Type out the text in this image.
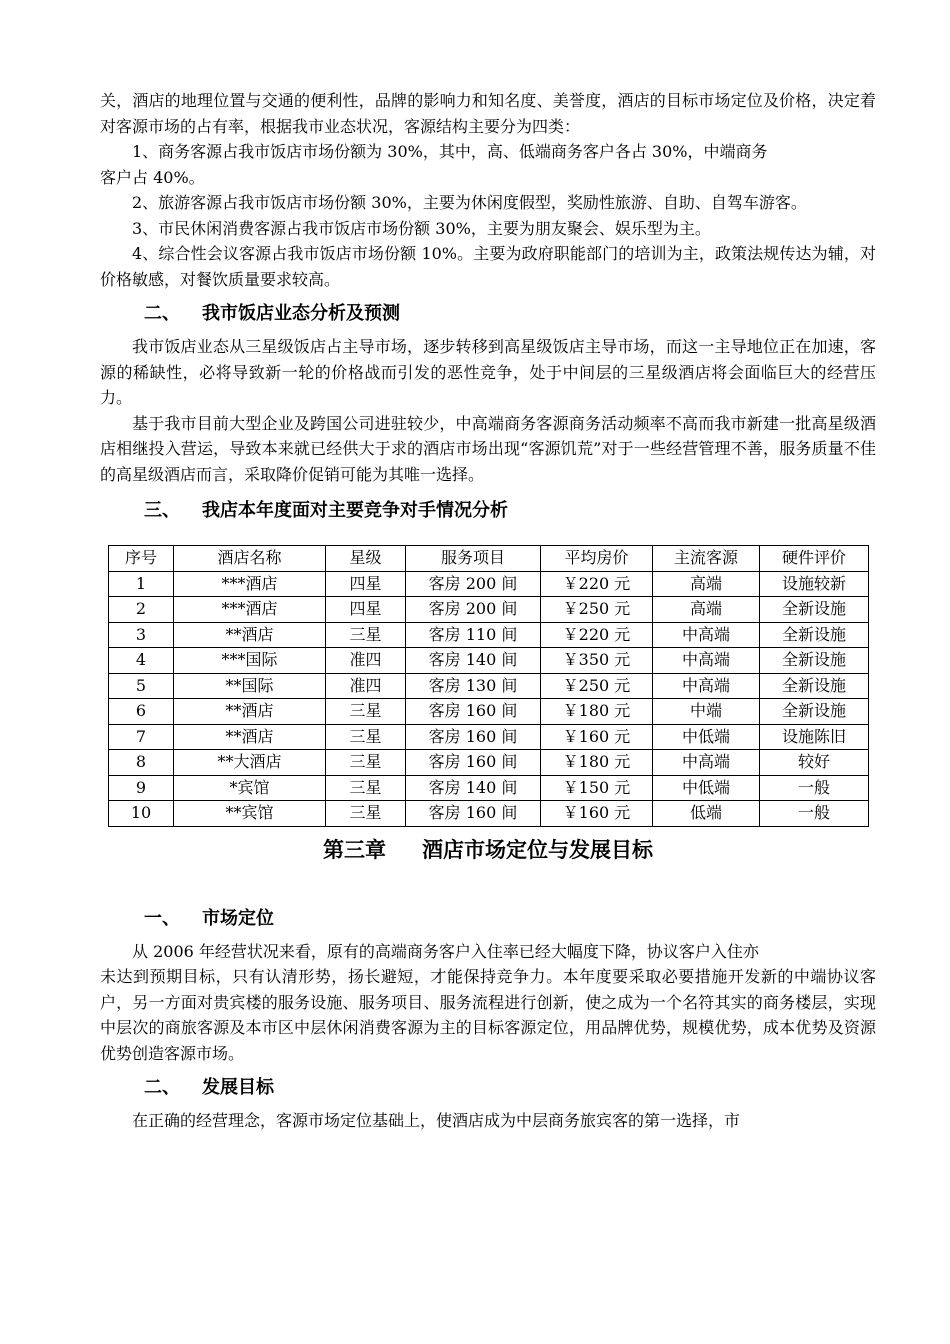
关，酒店的地理位置与交通的便利性，品牌的影响力和知名度、美誉度，酒店的目标市场定位及价格，决定着对客源市场的占有率，根据我市业态状况，客源结构主要分为四类：

1、商务客源占我市饭店市场份额为 30%，其中，高、低端商务客户各占 30%，中端商务

客户占 40%。

2、旅游客源占我市饭店市场份额 30%，主要为休闲度假型，奖励性旅游、自助、自驾车游客。

3、市民休闲消费客源占我市饭店市场份额 30%，主要为朋友聚会、娱乐型为主。

4、综合性会议客源占我市饭店市场份额 10%。主要为政府职能部门的培训为主，政策法规传达为辅，对价格敏感，对餐饮质量要求较高。

二、 我市饭店业态分析及预测

我市饭店业态从三星级饭店占主导市场，逐步转移到高星级饭店主导市场，而这一主导地位正在加速，客源的稀缺性，必将导致新一轮的价格战而引发的恶性竞争，处于中间层的三星级酒店将会面临巨大的经营压力。

基于我市目前大型企业及跨国公司进驻较少，中高端商务客源商务活动频率不高而我市新建一批高星级酒店相继投入营运，导致本来就已经供大于求的酒店市场出现“客源饥荒”对于一些经营管理不善，服务质量不佳的高星级酒店而言，采取降价促销可能为其唯一选择。

三、 我店本年度面对主要竞争对手情况分析
序号	酒店名称	星级	服务项目	平均房价	主流客源	硬件评价
1	***酒店	四星	客房 200 间	￥220 元	高端	设施较新
2	***酒店	四星	客房 200 间	￥250 元	高端	全新设施
3	**酒店	三星	客房 110 间	￥220 元	中高端	全新设施
4	***国际	准四	客房 140 间	￥350 元	中高端	全新设施
5	**国际	准四	客房 130 间	￥250 元	中高端	全新设施
6	**酒店	三星	客房 160 间	￥180 元	中端	全新设施
7	**酒店	三星	客房 160 间	￥160 元	中低端	设施陈旧
8	**大酒店	三星	客房 160 间	￥180 元	中高端	较好
9	*宾馆	三星	客房 140 间	￥150 元	中低端	一般
10	**宾馆	三星	客房 160 间	￥160 元	低端	一般
第三章 酒店市场定位与发展目标
一、 市场定位

从 2006 年经营状况来看，原有的高端商务客户入住率已经大幅度下降，协议客户入住亦

未达到预期目标，只有认清形势，扬长避短，才能保持竞争力。本年度要采取必要措施开发新的中端协议客户，另一方面对贵宾楼的服务设施、服务项目、服务流程进行创新，使之成为一个名符其实的商务楼层，实现中层次的商旅客源及本市区中层休闲消费客源为主的目标客源定位，用品牌优势，规模优势，成本优势及资源优势创造客源市场。

二、 发展目标

在正确的经营理念，客源市场定位基础上，使酒店成为中层商务旅宾客的第一选择，市
